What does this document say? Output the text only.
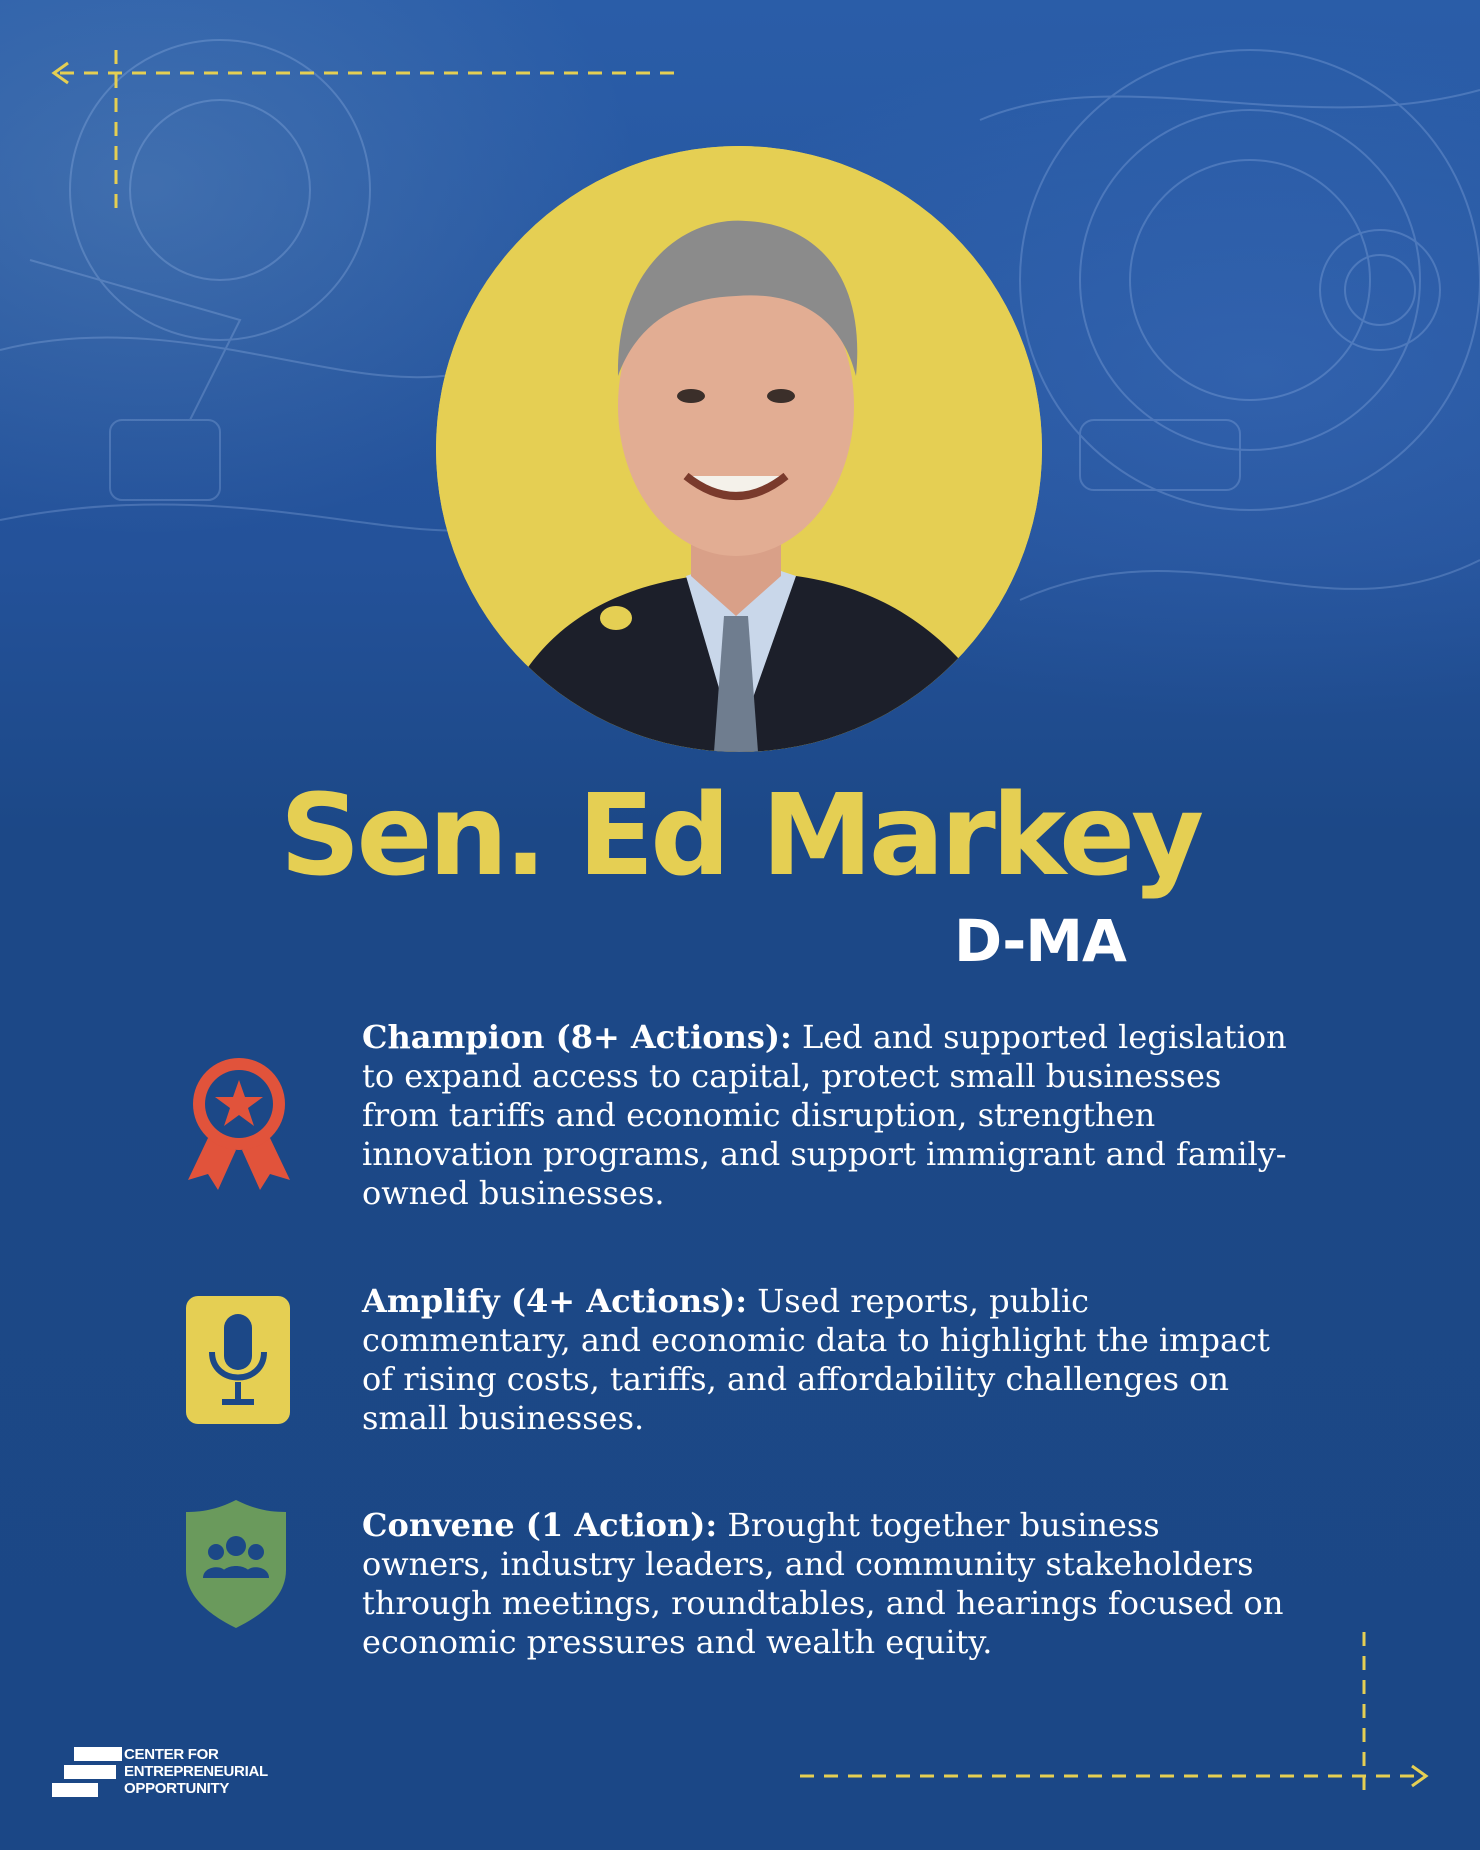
Sen. Ed Markey
D-MA
Champion (8+ Actions): Led and supported legislation to expand access to capital, protect small businesses from tariffs and economic disruption, strengthen innovation programs, and support immigrant and family-owned businesses.
Amplify (4+ Actions): Used reports, public commentary, and economic data to highlight the impact of rising costs, tariffs, and affordability challenges on small businesses.
Convene (1 Action): Brought together business owners, industry leaders, and community stakeholders through meetings, roundtables, and hearings focused on economic pressures and wealth equity.
CENTER FOR
ENTREPRENEURIAL
OPPORTUNITY
